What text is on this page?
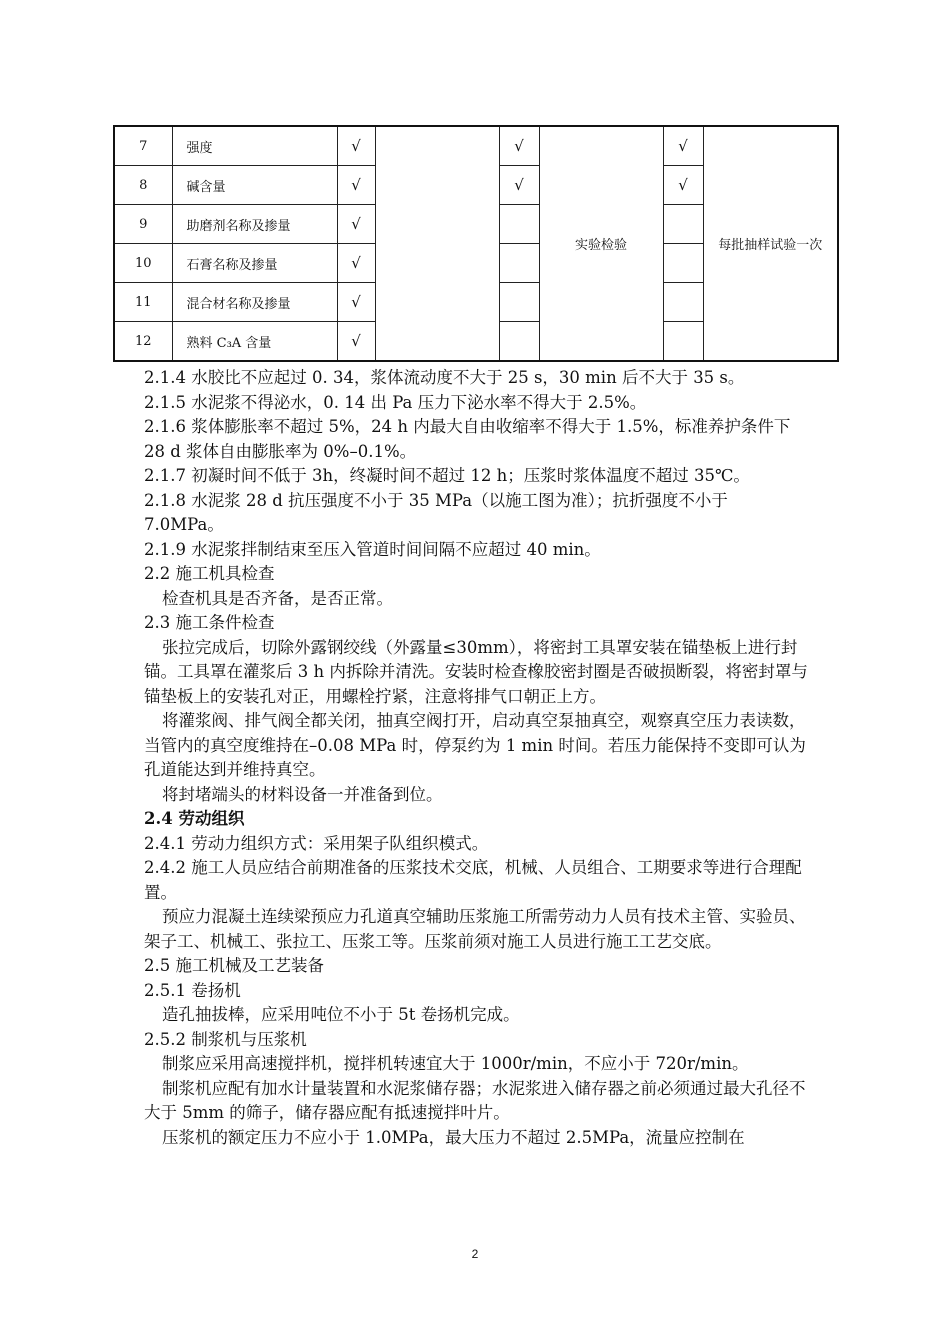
7	强度	√		√	实验检验	√	每批抽样试验一次
8	碱含量	√		√		√	
9	助磨剂名称及掺量	√					
10	石膏名称及掺量	√					
11	混合材名称及掺量	√					
12	熟料 C₃A 含量	√					

2.1.4 水胶比不应起过 0. 34，浆体流动度不大于 25 s，30 min 后不大于 35 s。

2.1.5 水泥浆不得泌水，0. 14 出 Pa 压力下泌水率不得大于 2.5%。

2.1.6 浆体膨胀率不超过 5%，24 h 内最大自由收缩率不得大于 1.5%，标准养护条件下 28 d 浆体自由膨胀率为 0%–0.1%。

2.1.7 初凝时间不低于 3h，终凝时间不超过 12 h；压浆时浆体温度不超过 35℃。

2.1.8 水泥浆 28 d 抗压强度不小于 35 MPa（以施工图为准）；抗折强度不小于 7.0MPa。

2.1.9 水泥浆拌制结束至压入管道时间间隔不应超过 40 min。

2.2 施工机具检查

检查机具是否齐备，是否正常。

2.3 施工条件检查

张拉完成后，切除外露钢绞线（外露量≤30mm），将密封工具罩安装在锚垫板上进行封锚。工具罩在灌浆后 3 h 内拆除并清洗。安装时检查橡胶密封圈是否破损断裂，将密封罩与锚垫板上的安装孔对正，用螺栓拧紧，注意将排气口朝正上方。

将灌浆阀、排气阀全都关闭，抽真空阀打开，启动真空泵抽真空，观察真空压力表读数，当管内的真空度维持在–0.08 MPa 时，停泵约为 1 min 时间。若压力能保持不变即可认为孔道能达到并维持真空。

将封堵端头的材料设备一并准备到位。

2.4 劳动组织

2.4.1 劳动力组织方式：采用架子队组织模式。

2.4.2 施工人员应结合前期准备的压浆技术交底，机械、人员组合、工期要求等进行合理配置。

预应力混凝土连续梁预应力孔道真空辅助压浆施工所需劳动力人员有技术主管、实验员、架子工、机械工、张拉工、压浆工等。压浆前须对施工人员进行施工工艺交底。

2.5 施工机械及工艺装备

2.5.1 卷扬机

造孔抽拔棒，应采用吨位不小于 5t 卷扬机完成。

2.5.2 制浆机与压浆机

制浆应采用高速搅拌机，搅拌机转速宜大于 1000r/min，不应小于 720r/min。

制浆机应配有加水计量装置和水泥浆储存器；水泥浆进入储存器之前必须通过最大孔径不大于 5mm 的筛子，储存器应配有抵速搅拌叶片。

压浆机的额定压力不应小于 1.0MPa，最大压力不超过 2.5MPa，流量应控制在

2
